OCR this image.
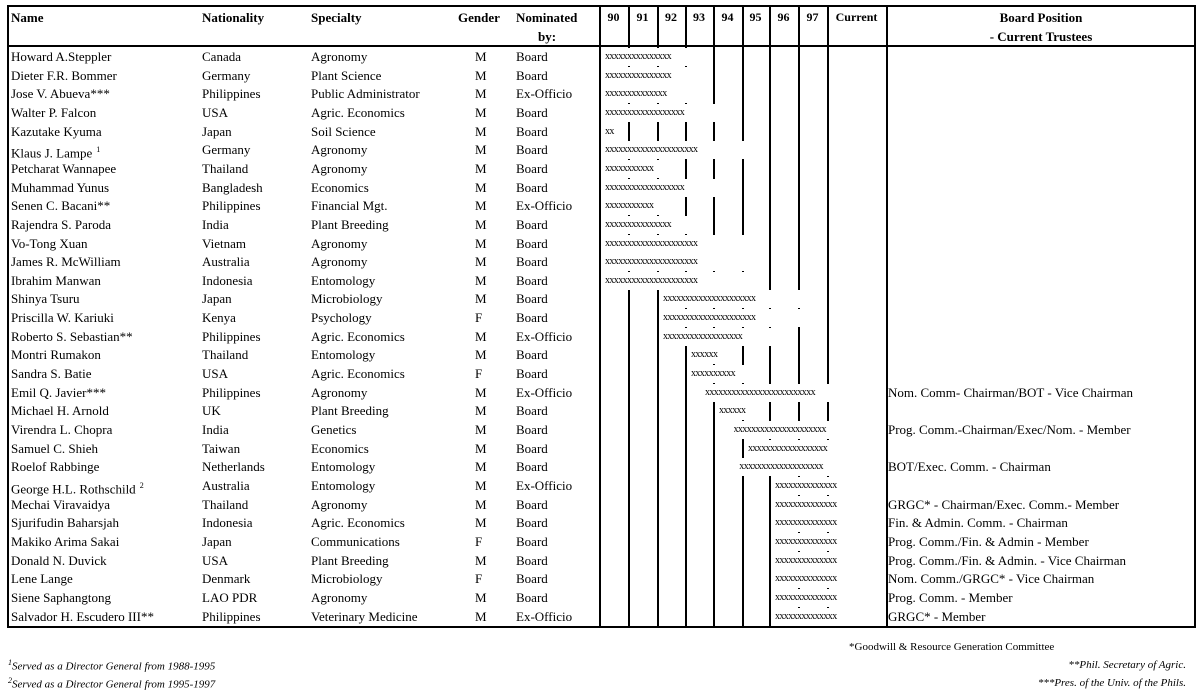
Name	Nationality	Specialty	Gender Nominated
by:
90	91	92	93	94	95	96	97	Current	Board Position
- Current Trustees
Howard A.Steppler	Canada	Agronomy	M Board	xxxxxxxxxxxxxxx
Dieter F.R. Bommer	Germany	Plant Science	M Board	xxxxxxxxxxxxxxx
Jose V. Abueva***	Philippines	Public Administrator	M Ex-Officio	xxxxxxxxxxxxxx
Walter P. Falcon	USA	Agric. Economics	M Board	xxxxxxxxxxxxxxxxxx
Kazutake Kyuma	Japan	Soil Science	M Board	xx
Klaus J. Lampe $^1$	Germany	Agronomy	M Board	xxxxxxxxxxxxxxxxxxxxx
Petcharat Wannapee	Thailand	Agronomy	M Board	xxxxxxxxxxx
Muhammad Yunus	Bangladesh	Economics	M Board	xxxxxxxxxxxxxxxxxx
Senen C. Bacani**	Philippines	Financial Mgt.	M Ex-Officio	xxxxxxxxxxx
Rajendra S. Paroda	India	Plant Breeding	M Board	xxxxxxxxxxxxxxx
Vo-Tong Xuan	Vietnam	Agronomy	M Board	xxxxxxxxxxxxxxxxxxxxx
James R. McWilliam	Australia	Agronomy	M Board	xxxxxxxxxxxxxxxxxxxxx
Ibrahim Manwan	Indonesia	Entomology	M Board	xxxxxxxxxxxxxxxxxxxxx
Shinya Tsuru	Japan	Microbiology	M Board	xxxxxxxxxxxxxxxxxxxxx
Priscilla W. Kariuki	Kenya	Psychology	F	Board	xxxxxxxxxxxxxxxxxxxxx
Roberto S. Sebastian**	Philippines	Agric. Economics	M Ex-Officio	xxxxxxxxxxxxxxxxxx
Montri Rumakon	Thailand	Entomology	M Board	xxxxxx
Sandra S. Batie	USA	Agric. Economics	F	Board	xxxxxxxxxx
Emil Q. Javier***	Philippines	Agronomy	M Ex-Officio	xxxxxxxxxxxxxxxxxxxxxxxxx	Nom. Comm- Chairman/BOT - Vice Chairman
Michael H. Arnold	UK	Plant Breeding	M Board	xxxxxx
Virendra L. Chopra	India	Genetics	M Board	xxxxxxxxxxxxxxxxxxxxx	Prog. Comm.-Chairman/Exec/Nom. - Member
Samuel C. Shieh	Taiwan	Economics	M Board	xxxxxxxxxxxxxxxxxx
Roelof Rabbinge	Netherlands	Entomology	M Board	xxxxxxxxxxxxxxxxxxx	BOT/Exec. Comm. - Chairman
George H.L. Rothschild $^2$	Australia	Entomology	M Ex-Officio	xxxxxxxxxxxxxx
Mechai Viravaidya	Thailand	Agronomy	M Board	xxxxxxxxxxxxxx	GRGC* - Chairman/Exec. Comm.- Member
Sjurifudin Baharsjah	Indonesia	Agric. Economics	M Board	xxxxxxxxxxxxxx	Fin. & Admin. Comm. - Chairman
Makiko Arima Sakai	Japan	Communications	F	Board	xxxxxxxxxxxxxx	Prog. Comm./Fin. & Admin - Member
Donald N. Duvick	USA	Plant Breeding	M Board	xxxxxxxxxxxxxx	Prog. Comm./Fin. & Admin. - Vice Chairman
Lene Lange	Denmark	Microbiology	F	Board	xxxxxxxxxxxxxx	Nom. Comm./GRGC* - Vice Chairman
Siene Saphangtong	LAO PDR	Agronomy	M Board	xxxxxxxxxxxxxx	Prog. Comm. - Member
Salvador H. Escudero III**	Philippines	Veterinary Medicine	M Ex-Officio	xxxxxxxxxxxxxx	GRGC* - Member
$^1$Served as a Director General from 1988-1995
$^2$Served as a Director General from 1995-1997
*Goodwill & Resource Generation Committee
**Phil. Secretary of Agric.
***Pres. of the Univ. of the Phils.
